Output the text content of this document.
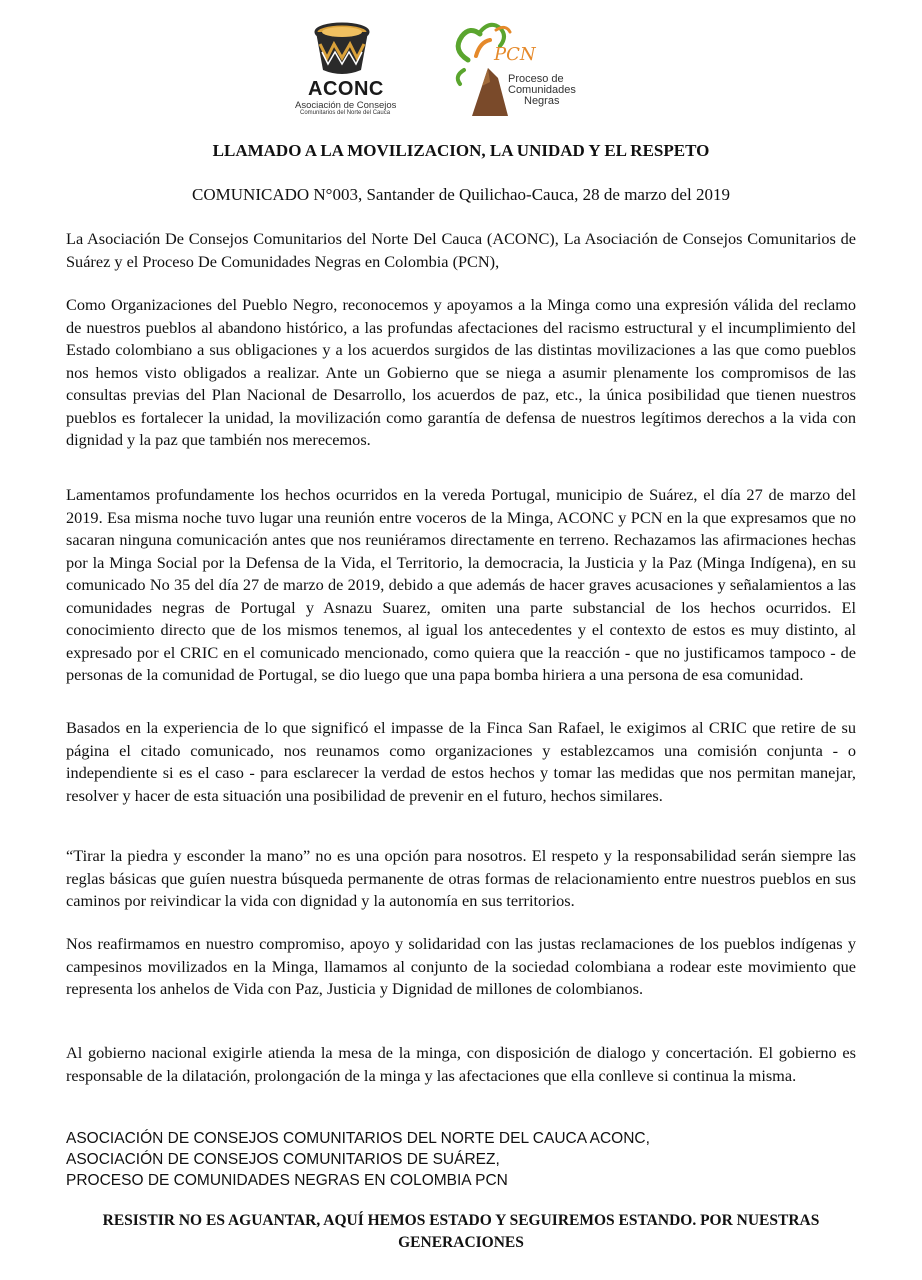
ACONC
Asociación de Consejos
Comunitarios del Norte del Cauca
PCN
Proceso de
Comunidades
Negras
LLAMADO A LA MOVILIZACION, LA UNIDAD Y EL RESPETO
COMUNICADO N°003, Santander de Quilichao-Cauca, 28 de marzo del 2019
La Asociación De Consejos Comunitarios del Norte Del Cauca (ACONC), La Asociación de Consejos Comunitarios de Suárez y el Proceso De Comunidades Negras en Colombia (PCN),
Como Organizaciones del Pueblo Negro, reconocemos y apoyamos a la Minga como una expresión válida del reclamo de nuestros pueblos al abandono histórico, a las profundas afectaciones del racismo estructural y el incumplimiento del Estado colombiano a sus obligaciones y a los acuerdos surgidos de las distintas movilizaciones a las que como pueblos nos hemos visto obligados a realizar. Ante un Gobierno que se niega a asumir plenamente los compromisos de las consultas previas del Plan Nacional de Desarrollo, los acuerdos de paz, etc., la única posibilidad que tienen nuestros pueblos es fortalecer la unidad, la movilización como garantía de defensa de nuestros legítimos derechos a la vida con dignidad y la paz que también nos merecemos.
Lamentamos profundamente los hechos ocurridos en la vereda Portugal, municipio de Suárez, el día 27 de marzo del 2019. Esa misma noche tuvo lugar una reunión entre voceros de la Minga, ACONC y PCN en la que expresamos que no sacaran ninguna comunicación antes que nos reuniéramos directamente en terreno. Rechazamos las afirmaciones hechas por la Minga Social por la Defensa de la Vida, el Territorio, la democracia, la Justicia y la Paz (Minga Indígena), en su comunicado No 35 del día 27 de marzo de 2019, debido a que además de hacer graves acusaciones y señalamientos a las comunidades negras de Portugal y Asnazu Suarez, omiten una parte substancial de los hechos ocurridos. El conocimiento directo que de los mismos tenemos, al igual los antecedentes y el contexto de estos es muy distinto, al expresado por el CRIC en el comunicado mencionado, como quiera que la reacción - que no justificamos tampoco - de personas de la comunidad de Portugal, se dio luego que una papa bomba hiriera a una persona de esa comunidad.
Basados en la experiencia de lo que significó el impasse de la Finca San Rafael, le exigimos al CRIC que retire de su página el citado comunicado, nos reunamos como organizaciones y establezcamos una comisión conjunta - o independiente si es el caso - para esclarecer la verdad de estos hechos y tomar las medidas que nos permitan manejar, resolver y hacer de esta situación una posibilidad de prevenir en el futuro, hechos similares.
“Tirar la piedra y esconder la mano” no es una opción para nosotros. El respeto y la responsabilidad serán siempre las reglas básicas que guíen nuestra búsqueda permanente de otras formas de relacionamiento entre nuestros pueblos en sus caminos por reivindicar la vida con dignidad y la autonomía en sus territorios.
Nos reafirmamos en nuestro compromiso, apoyo y solidaridad con las justas reclamaciones de los pueblos indígenas y campesinos movilizados en la Minga, llamamos al conjunto de la sociedad colombiana a rodear este movimiento que representa los anhelos de Vida con Paz, Justicia y Dignidad de millones de colombianos.
Al gobierno nacional exigirle atienda la mesa de la minga, con disposición de dialogo y concertación. El gobierno es responsable de la dilatación, prolongación de la minga y las afectaciones que ella conlleve si continua la misma.
ASOCIACIÓN DE CONSEJOS COMUNITARIOS DEL NORTE DEL CAUCA ACONC,
ASOCIACIÓN DE CONSEJOS COMUNITARIOS DE SUÁREZ,
PROCESO DE COMUNIDADES NEGRAS EN COLOMBIA PCN
RESISTIR NO ES AGUANTAR, AQUÍ HEMOS ESTADO Y SEGUIREMOS ESTANDO. POR NUESTRAS GENERACIONES
